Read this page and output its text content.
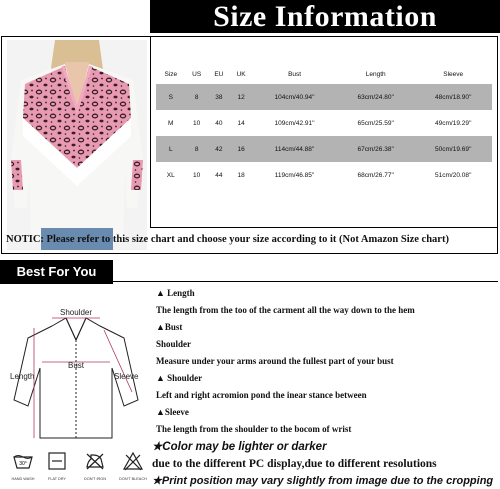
Size Information
Size	US	EU	UK	Bust	Length	Sleeve
S	8	38	12	104cm/40.94''	63cm/24.80''	48cm/18.90''
M	10	40	14	109cm/42.91''	65cm/25.59''	49cm/19.29''
L	8	42	16	114cm/44.88''	67cm/26.38''	50cm/19.69''
XL	10	44	18	119cm/46.85''	68cm/26.77''	51cm/20.08''
NOTIC: Please refer to this size chart and choose your size according to it (Not Amazon Size chart)
Best For You
Shoulder
Bust
Length	Sleeve
30°
HAND WASH	FLAT DRY	DON'T IRON	DON'T BLEACH
▲ Length
The length from the too of the carment all the way down to the hem
▲Bust
Shoulder
Measure under your arms around the fullest part of your bust
▲ Shoulder
Left and right acromion pond the inear stance between
▲Sleeve
The length from the shoulder to the bocom of wrist
★Color may be lighter or darker
due to the different PC display,due to different resolutions
★Print position may vary slightly from image due to the cropping
